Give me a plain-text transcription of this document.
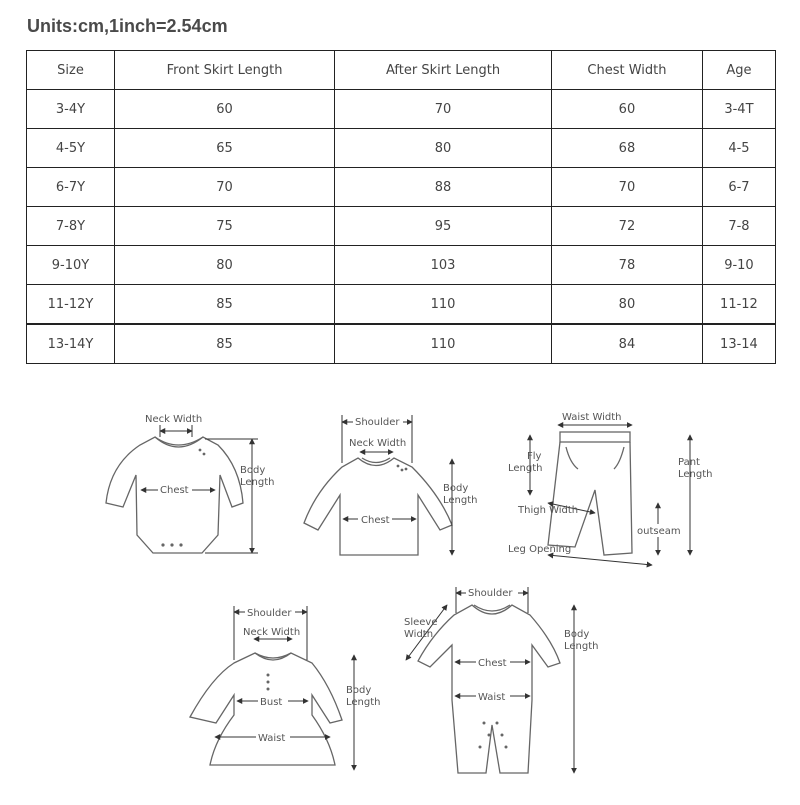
Units:cm,1inch=2.54cm
Size	Front Skirt Length	After Skirt Length	Chest Width	Age
3-4Y	60	70	60	3-4T
4-5Y	65	80	68	4-5
6-7Y	70	88	70	6-7
7-8Y	75	95	72	7-8
9-10Y	80	103	78	9-10
11-12Y	85	110	80	11-12
13-14Y	85	110	84	13-14
Neck Width
Chest
Body
Length
Shoulder
Neck Width
Chest
Body
Length
Waist Width
Fly
Length
Pant
Length
Thigh Width
Leg Opening
outseam
Shoulder
Neck Width
Bust
Waist
Body
Length
Shoulder
Sleeve
Width
Chest
Waist
Body
Length
